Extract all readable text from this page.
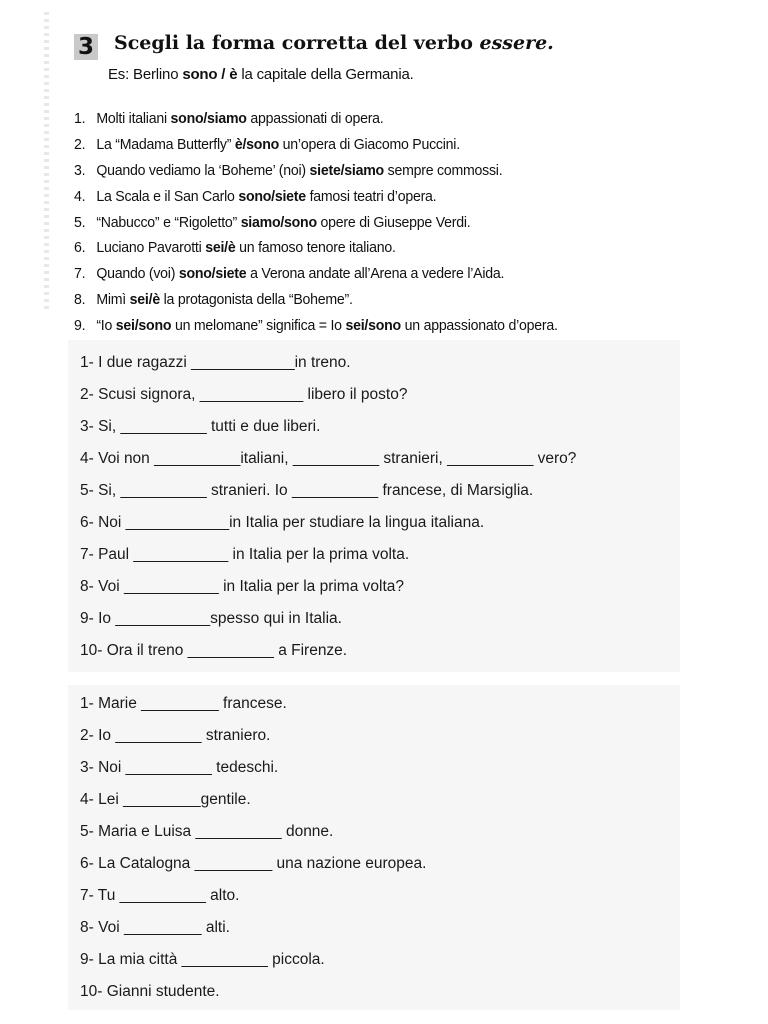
3 Scegli la forma corretta del verbo essere.
Es: Berlino sono / è la capitale della Germania.
1. Molti italiani sono/siamo appassionati di opera.
2. La “Madama Butterfly” è/sono un’opera di Giacomo Puccini.
3. Quando vediamo la ‘Boheme’ (noi) siete/siamo sempre commossi.
4. La Scala e il San Carlo sono/siete famosi teatri d’opera.
5. “Nabucco” e “Rigoletto” siamo/sono opere di Giuseppe Verdi.
6. Luciano Pavarotti sei/è un famoso tenore italiano.
7. Quando (voi) sono/siete a Verona andate all’Arena a vedere l’Aida.
8. Mimì sei/è la protagonista della “Boheme”.
9. “Io sei/sono un melomane” significa = Io sei/sono un appassionato d’opera.
1- I due ragazzi ____________in treno.
2- Scusi signora, ____________ libero il posto?
3- Si, __________ tutti e due liberi.
4- Voi non __________italiani, __________ stranieri, __________ vero?
5- Si, __________ stranieri. Io __________ francese, di Marsiglia.
6- Noi ____________in Italia per studiare la lingua italiana.
7- Paul ___________ in Italia per la prima volta.
8- Voi ___________ in Italia per la prima volta?
9- Io ___________spesso qui in Italia.
10- Ora il treno __________ a Firenze.
1- Marie _________ francese.
2- Io __________ straniero.
3- Noi __________ tedeschi.
4- Lei _________gentile.
5- Maria e Luisa __________ donne.
6- La Catalogna _________ una nazione europea.
7- Tu __________ alto.
8- Voi _________ alti.
9- La mia città __________ piccola.
10- Gianni studente.
